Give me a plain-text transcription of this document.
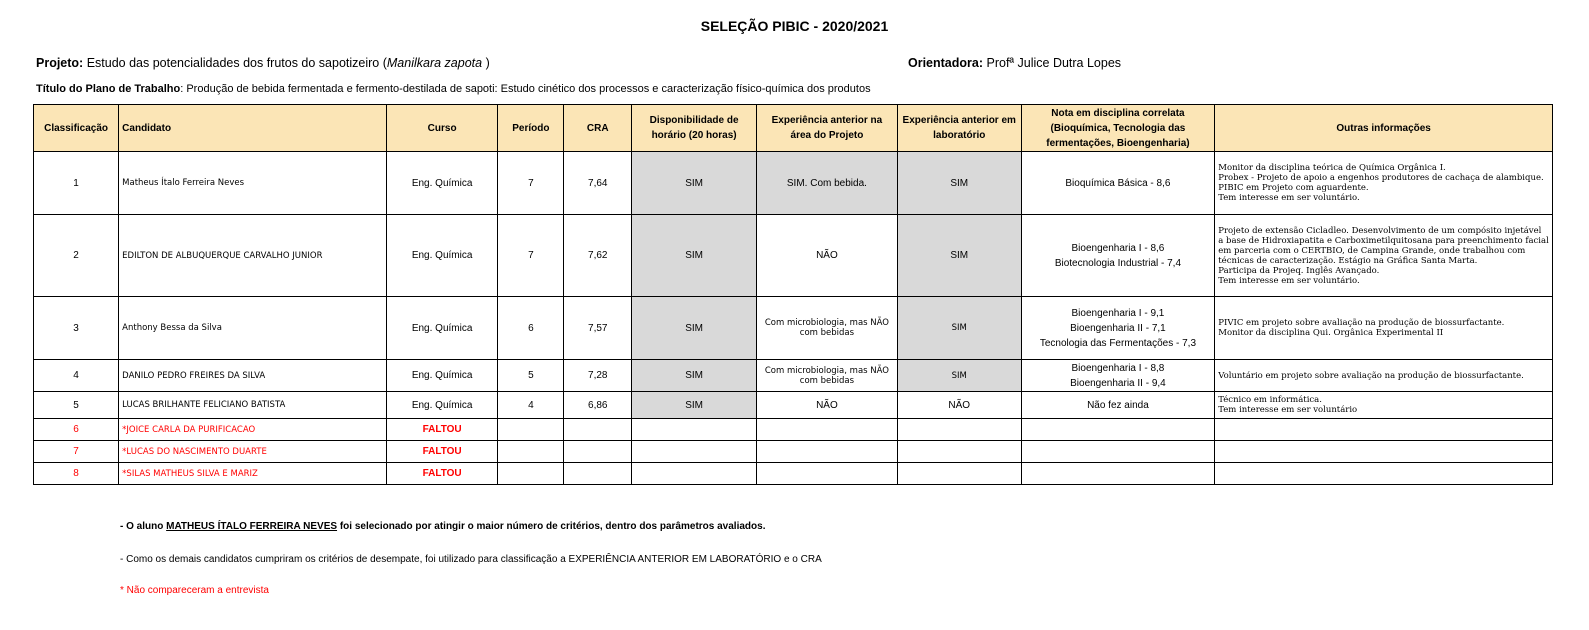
SELEÇÃO PIBIC - 2020/2021
Projeto: Estudo das potencialidades dos frutos do sapotizeiro (Manilkara zapota )	Orientadora: Profª Julice Dutra Lopes
Título do Plano de Trabalho: Produção de bebida fermentada e fermento-destilada de sapoti: Estudo cinético dos processos e caracterização físico-química dos produtos
Classificação	Candidato	Curso	Período	CRA	Disponibilidade de horário (20 horas)	Experiência anterior na área do Projeto	Experiência anterior em laboratório	Nota em disciplina correlata (Bioquímica, Tecnologia das fermentações, Bioengenharia)	Outras informações
1	Matheus Ítalo Ferreira Neves	Eng. Química	7	7,64	SIM	SIM. Com bebida.	SIM	Bioquímica Básica - 8,6	Monitor da disciplina teórica de Química Orgânica I.
Probex - Projeto de apoio a engenhos produtores de cachaça de alambique.
PIBIC em Projeto com aguardente.
Tem interesse em ser voluntário.
2	EDILTON DE ALBUQUERQUE CARVALHO JUNIOR	Eng. Química	7	7,62	SIM	NÃO	SIM	Bioengenharia I - 8,6
Biotecnologia Industrial - 7,4	Projeto de extensão Cicladleo. Desenvolvimento de um compósito injetável a base de Hidroxiapatita e Carboximetilquitosana para preenchimento facial em parceria com o CERTBIO, de Campina Grande, onde trabalhou com técnicas de caracterização. Estágio na Gráfica Santa Marta.
Participa da Projeq. Inglês Avançado.
Tem interesse em ser voluntário.
3	Anthony Bessa da Silva	Eng. Química	6	7,57	SIM	Com microbiologia, mas NÃO com bebidas	SIM	Bioengenharia I - 9,1
Bioengenharia II - 7,1
Tecnologia das Fermentações - 7,3	PIVIC em projeto sobre avaliação na produção de biossurfactante.
Monitor da disciplina Qui. Orgânica Experimental II
4	DANILO PEDRO FREIRES DA SILVA	Eng. Química	5	7,28	SIM	Com microbiologia, mas NÃO com bebidas	SIM	Bioengenharia I - 8,8
Bioengenharia II - 9,4	Voluntário em projeto sobre avaliação na produção de biossurfactante.
5	LUCAS BRILHANTE FELICIANO BATISTA	Eng. Química	4	6,86	SIM	NÃO	NÃO	Não fez ainda	Técnico em informática.
Tem interesse em ser voluntário
6	*JOICE CARLA DA PURIFICACAO	FALTOU							
7	*LUCAS DO NASCIMENTO DUARTE	FALTOU							
8	*SILAS MATHEUS SILVA E MARIZ	FALTOU							
- O aluno MATHEUS ÍTALO FERREIRA NEVES foi selecionado por atingir o maior número de critérios, dentro dos parâmetros avaliados.
- Como os demais candidatos cumpriram os critérios de desempate, foi utilizado para classificação a EXPERIÊNCIA ANTERIOR EM LABORATÓRIO e o CRA
* Não compareceram a entrevista
